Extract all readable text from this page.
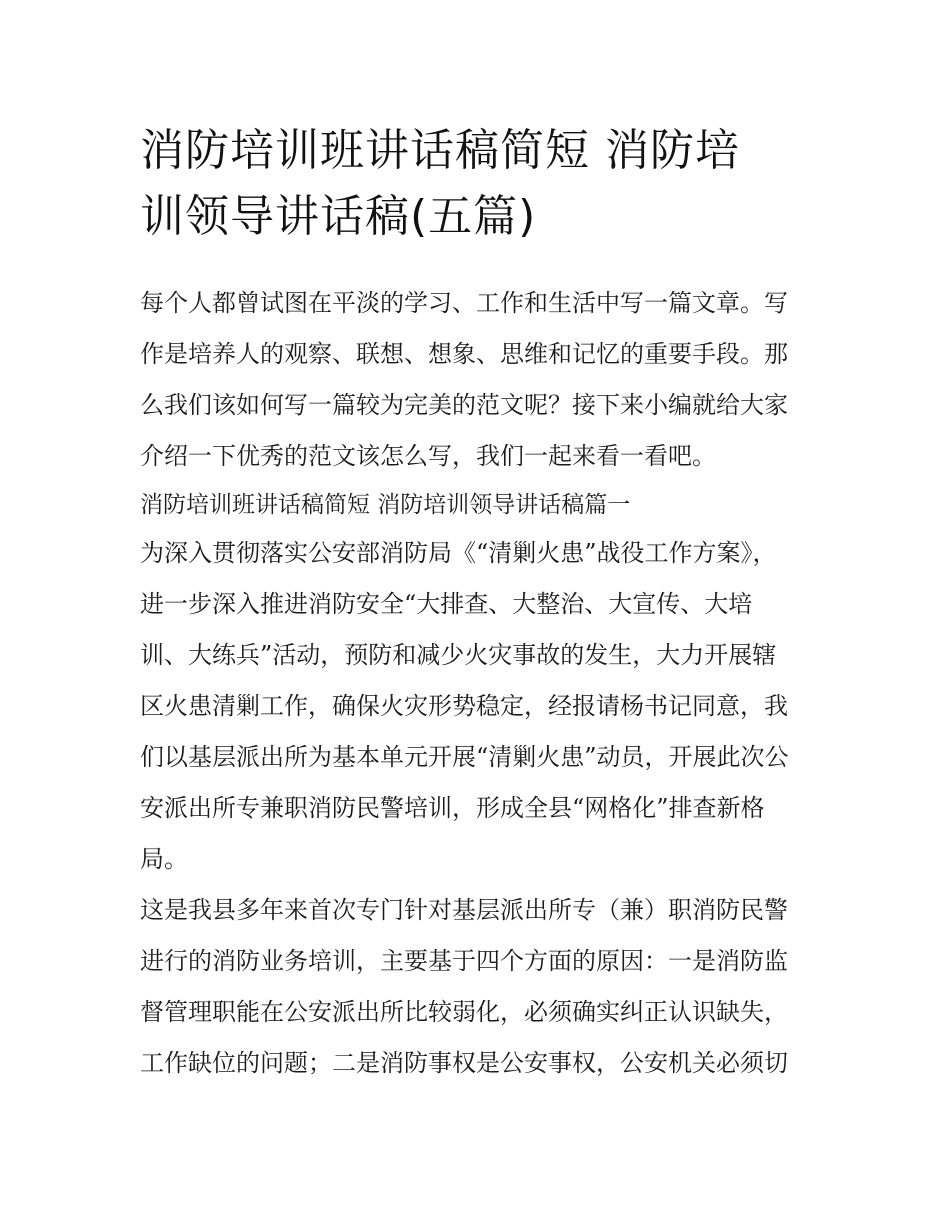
消防培训班讲话稿简短 消防培
训领导讲话稿(五篇)

每个人都曾试图在平淡的学习、工作和生活中写一篇文章。写
作是培养人的观察、联想、想象、思维和记忆的重要手段。那
么我们该如何写一篇较为完美的范文呢？接下来小编就给大家
介绍一下优秀的范文该怎么写，我们一起来看一看吧。

消防培训班讲话稿简短 消防培训领导讲话稿篇一

为深入贯彻落实公安部消防局《“清剿火患”战役工作方案》，
进一步深入推进消防安全“大排查、大整治、大宣传、大培
训、大练兵”活动，预防和减少火灾事故的发生，大力开展辖
区火患清剿工作，确保火灾形势稳定，经报请杨书记同意，我
们以基层派出所为基本单元开展“清剿火患”动员，开展此次公
安派出所专兼职消防民警培训，形成全县“网格化”排查新格
局。

这是我县多年来首次专门针对基层派出所专（兼）职消防民警
进行的消防业务培训，主要基于四个方面的原因：一是消防监
督管理职能在公安派出所比较弱化，必须确实纠正认识缺失，
工作缺位的问题；二是消防事权是公安事权，公安机关必须切
